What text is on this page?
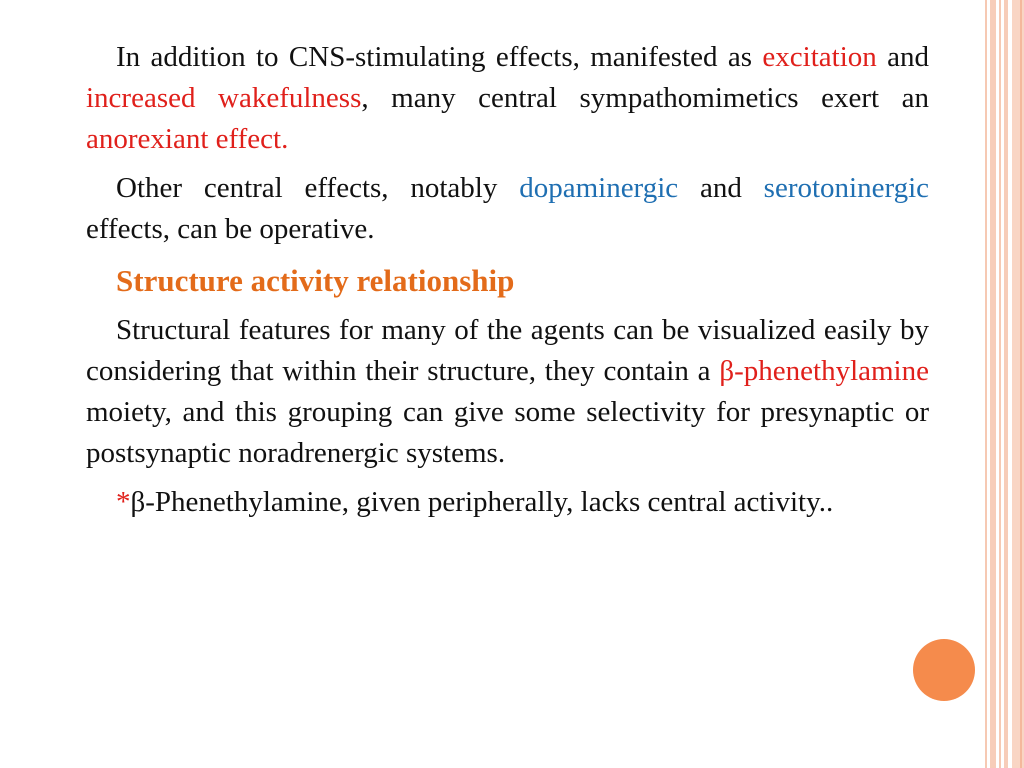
In addition to CNS-stimulating effects, manifested as excitation and increased wakefulness, many central sympathomimetics exert an anorexiant effect.

Other central effects, notably dopaminergic and serotoninergic effects, can be operative.

Structure activity relationship

Structural features for many of the agents can be visualized easily by considering that within their structure, they contain a β-phenethylamine moiety, and this grouping can give some selectivity for presynaptic or postsynaptic noradrenergic systems.

*β-Phenethylamine, given peripherally, lacks central activity..
